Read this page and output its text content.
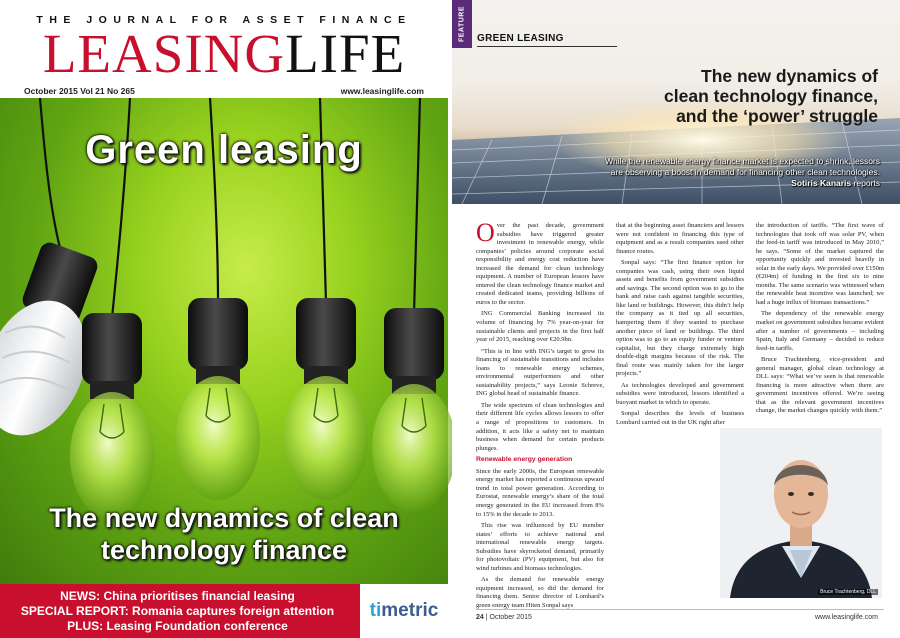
THE JOURNAL FOR ASSET FINANCE
LEASINGLIFE
October 2015 Vol 21 No 265	www.leasinglife.com
Green leasing
The new dynamics of clean
technology finance
NEWS: China prioritises financial leasing
SPECIAL REPORT: Romania captures foreign attention
PLUS: Leasing Foundation conference
timetric
FEATURE GREEN LEASING
The new dynamics of
clean technology finance,
and the ‘power’ struggle
While the renewable energy finance market is expected to shrink, lessors are observing a boost in demand for financing other clean technologies. Sotiris Kanaris reports

Over the past decade, government subsidies have triggered greater investment in renewable energy, while companies’ policies around corporate social responsibility and energy cost reduction have increased the demand for clean technology equipment. A number of European lessors have entered the clean technology finance market and created dedicated teams, providing billions of euros to the sector.

ING Commercial Banking increased its volume of financing by 7% year-on-year for sustainable clients and projects in the first half year of 2015, reaching over €20.9bn.

“This is in line with ING’s target to grow its financing of sustainable transitions and includes loans to renewable energy schemes, environmental outperformers and other sustainability projects,” says Leonie Schreve, ING global head of sustainable finance.

The wide spectrum of clean technologies and their different life cycles allows lessors to offer a range of propositions to customers. In addition, it acts like a safety net to maintain business when demand for certain products plunges.

Renewable energy generation

Since the early 2000s, the European renewable energy market has reported a continuous upward trend in total power generation. According to Eurostat, renewable energy’s share of the total energy generated in the EU increased from 8% to 15% in the decade to 2013.

This rise was influenced by EU member states’ efforts to achieve national and international renewable energy targets. Subsidies have skyrocketed demand, primarily for photovoltaic (PV) equipment, but also for wind turbines and biomass technologies.

As the demand for renewable energy equipment increased, so did the demand for financing them. Senior director of Lombard’s green energy team Hiten Sonpal says

that at the beginning asset financiers and lessors were not confident in financing this type of equipment and as a result companies used other finance routes.

Sonpal says: “The first finance option for companies was cash, using their own liquid assets and benefits from government subsidies and savings. The second option was to go to the bank and raise cash against tangible securities, like land or buildings. However, this didn’t help the company as it tied up all securities, hampering them if they wanted to purchase another piece of land or buildings. The third option was to go to an equity funder or venture capitalist, but they charge extremely high double-digit margins because of the risk. The final route was mainly taken for the larger projects.”

As technologies developed and government subsidies were introduced, lessors identified a buoyant market in which to operate.

Sonpal describes the levels of business Lombard carried out in the UK right after

the introduction of tariffs. “The first wave of technologies that took off was solar PV, when the feed-in tariff was introduced in May 2010,” he says. “Some of the market captured the opportunity quickly and invested heavily in solar in the early days. We provided over £150m (€204m) of funding in the first six to nine months. The same scenario was witnessed when the renewable heat incentive was launched; we had a huge influx of biomass transactions.”

The dependency of the renewable energy market on government subsidies became evident after a number of governments – including Spain, Italy and Germany – decided to reduce feed-in tariffs.

Bruce Trachtenberg, vice-president and general manager, global clean technology at DLL says: “What we’ve seen is that renewable financing is more attractive when there are government incentives offered. We’re seeing that as the relevant government incentives change, the market changes quickly with them.”

Bruce Trachtenberg, DLL
24 | October 2015	www.leasinglife.com
